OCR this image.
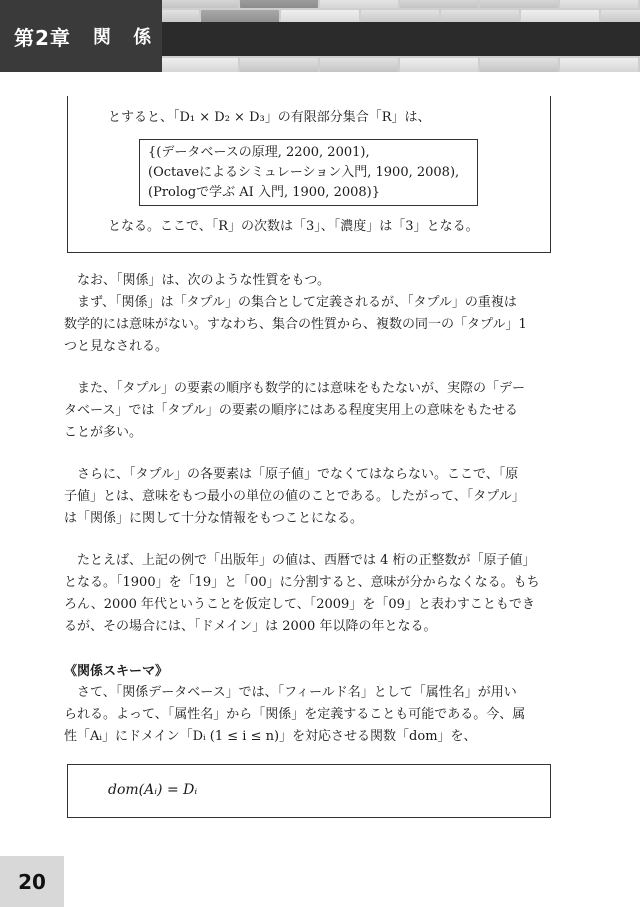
第2章 関 係
とすると、「D₁ × D₂ × D₃」の有限部分集合「R」は、
{(データベースの原理, 2200, 2001),
(Octaveによるシミュレーション入門, 1900, 2008),
(Prologで学ぶ AI 入門, 1900, 2008)}
となる。ここで、「R」の次数は「3」、「濃度」は「3」となる。
なお、「関係」は、次のような性質をもつ。
まず、「関係」は「タプル」の集合として定義されるが、「タプル」の重複は
数学的には意味がない。すなわち、集合の性質から、複数の同一の「タプル」1
つと見なされる。
また、「タプル」の要素の順序も数学的には意味をもたないが、実際の「デー
タベース」では「タプル」の要素の順序にはある程度実用上の意味をもたせる
ことが多い。
さらに、「タプル」の各要素は「原子値」でなくてはならない。ここで、「原
子値」とは、意味をもつ最小の単位の値のことである。したがって、「タプル」
は「関係」に関して十分な情報をもつことになる。
たとえば、上記の例で「出版年」の値は、西暦では 4 桁の正整数が「原子値」
となる。「1900」を「19」と「00」に分割すると、意味が分からなくなる。もち
ろん、2000 年代ということを仮定して、「2009」を「09」と表わすこともでき
るが、その場合には、「ドメイン」は 2000 年以降の年となる。
《関係スキーマ》
さて、「関係データベース」では、「フィールド名」として「属性名」が用い
られる。よって、「属性名」から「関係」を定義することも可能である。今、属
性「Aᵢ」にドメイン「Dᵢ (1 ≤ i ≤ n)」を対応させる関数「dom」を、
dom(Aᵢ) = Dᵢ
20
